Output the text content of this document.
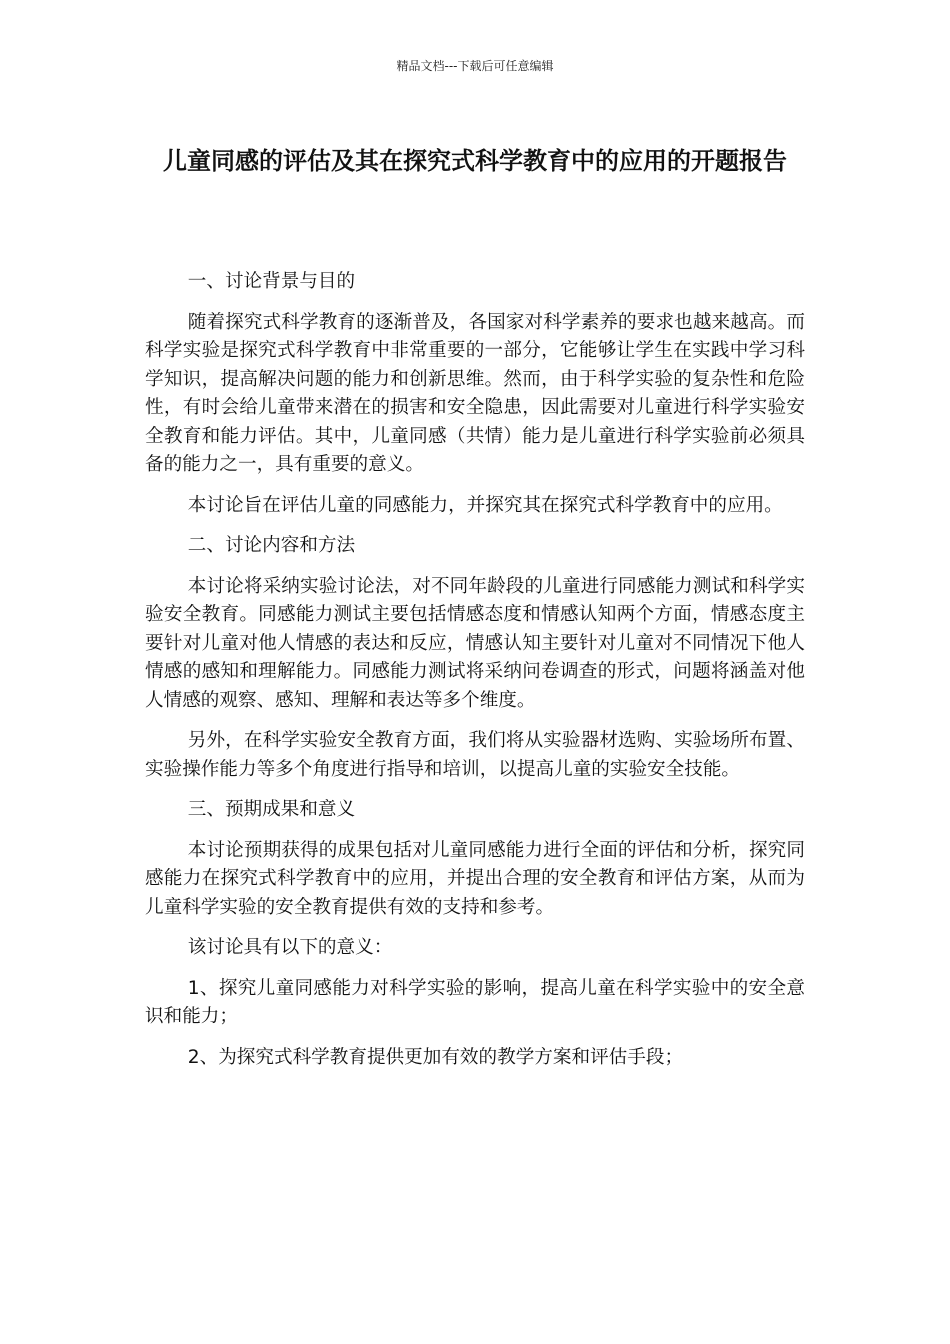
精品文档---下载后可任意编辑
儿童同感的评估及其在探究式科学教育中的应用的开题报告

一、讨论背景与目的

随着探究式科学教育的逐渐普及，各国家对科学素养的要求也越来越高。而科学实验是探究式科学教育中非常重要的一部分，它能够让学生在实践中学习科学知识，提高解决问题的能力和创新思维。然而，由于科学实验的复杂性和危险性，有时会给儿童带来潜在的损害和安全隐患，因此需要对儿童进行科学实验安全教育和能力评估。其中，儿童同感（共情）能力是儿童进行科学实验前必须具备的能力之一，具有重要的意义。

本讨论旨在评估儿童的同感能力，并探究其在探究式科学教育中的应用。

二、讨论内容和方法

本讨论将采纳实验讨论法，对不同年龄段的儿童进行同感能力测试和科学实验安全教育。同感能力测试主要包括情感态度和情感认知两个方面，情感态度主要针对儿童对他人情感的表达和反应，情感认知主要针对儿童对不同情况下他人情感的感知和理解能力。同感能力测试将采纳问卷调查的形式，问题将涵盖对他人情感的观察、感知、理解和表达等多个维度。

另外，在科学实验安全教育方面，我们将从实验器材选购、实验场所布置、实验操作能力等多个角度进行指导和培训，以提高儿童的实验安全技能。

三、预期成果和意义

本讨论预期获得的成果包括对儿童同感能力进行全面的评估和分析，探究同感能力在探究式科学教育中的应用，并提出合理的安全教育和评估方案，从而为儿童科学实验的安全教育提供有效的支持和参考。

该讨论具有以下的意义：

1、探究儿童同感能力对科学实验的影响，提高儿童在科学实验中的安全意识和能力；

2、为探究式科学教育提供更加有效的教学方案和评估手段；
